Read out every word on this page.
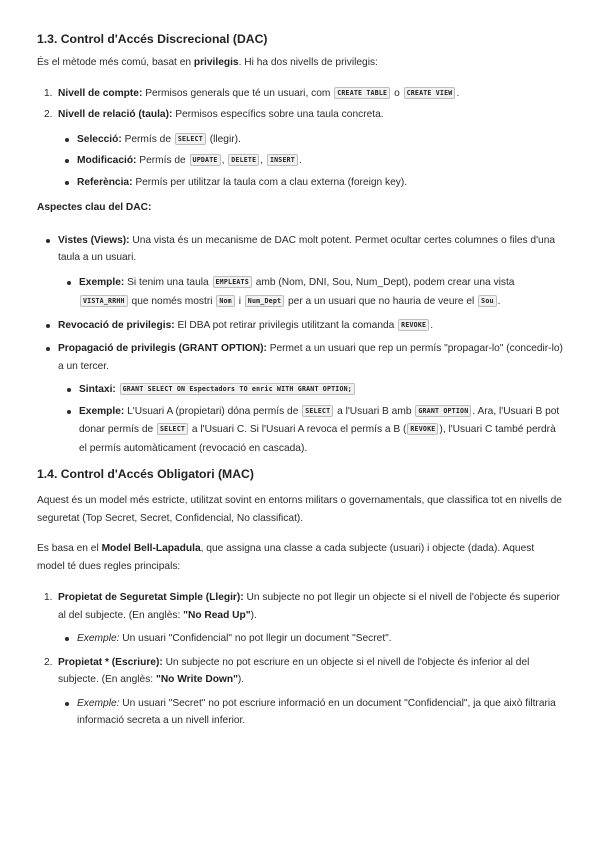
1.3. Control d'Accés Discrecional (DAC)

És el mètode més comú, basat en privilegis. Hi ha dos nivells de privilegis:

1. Nivell de compte: Permisos generals que té un usuari, com CREATE TABLE o CREATE VIEW .
2. Nivell de relació (taula): Permisos específics sobre una taula concreta.
Selecció: Permís de SELECT (llegir).
Modificació: Permís de UPDATE , DELETE , INSERT .
Referència: Permís per utilitzar la taula com a clau externa (foreign key).

Aspectes clau del DAC:

Vistes (Views): Una vista és un mecanisme de DAC molt potent. Permet ocultar certes columnes o files d'una taula a un usuari.
Exemple: Si tenim una taula EMPLEATS amb (Nom, DNI, Sou, Num_Dept), podem crear una vista VISTA_RRHH que només mostri Nom i Num_Dept per a un usuari que no hauria de veure el Sou .
Revocació de privilegis: El DBA pot retirar privilegis utilitzant la comanda REVOKE .
Propagació de privilegis (GRANT OPTION): Permet a un usuari que rep un permís "propagar-lo" (concedir-lo) a un tercer.
Sintaxi: GRANT SELECT ON Espectadors TO enric WITH GRANT OPTION;
Exemple: L'Usuari A (propietari) dóna permís de SELECT a l'Usuari B amb GRANT OPTION . Ara, l'Usuari B pot donar permís de SELECT a l'Usuari C. Si l'Usuari A revoca el permís a B ( REVOKE ), l'Usuari C també perdrà el permís automàticament (revocació en cascada).
1.4. Control d'Accés Obligatori (MAC)

Aquest és un model més estricte, utilitzat sovint en entorns militars o governamentals, que classifica tot en nivells de seguretat (Top Secret, Secret, Confidencial, No classificat).

Es basa en el Model Bell-Lapadula, que assigna una classe a cada subjecte (usuari) i objecte (dada). Aquest model té dues regles principals:

1. Propietat de Seguretat Simple (Llegir): Un subjecte no pot llegir un objecte si el nivell de l'objecte és superior al del subjecte. (En anglès: "No Read Up").
Exemple: Un usuari "Confidencial" no pot llegir un document "Secret".
2. Propietat * (Escriure): Un subjecte no pot escriure en un objecte si el nivell de l'objecte és inferior al del subjecte. (En anglès: "No Write Down").
Exemple: Un usuari "Secret" no pot escriure informació en un document "Confidencial", ja que això filtraria informació secreta a un nivell inferior.
